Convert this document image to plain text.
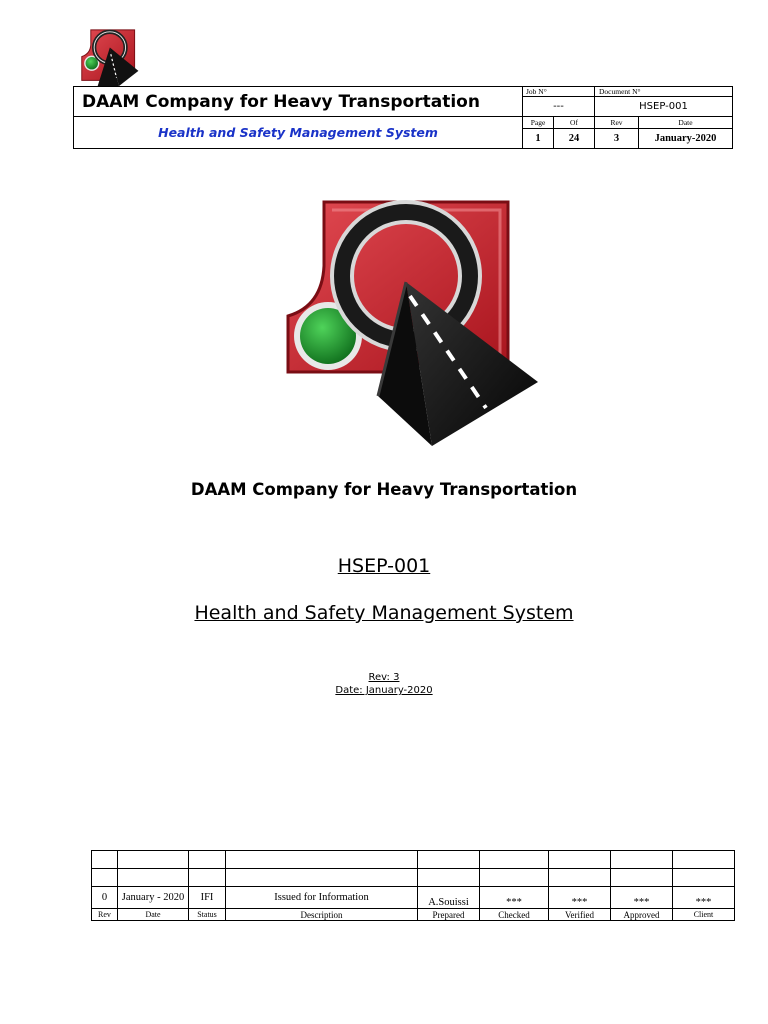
DAAM Company for Heavy Transportation	Job N°		Document N°	
	---		HSEP-001	
Health and Safety Management System	Page	Of	Rev	Date
	1	24	3	January-2020
DAAM Company for Heavy Transportation
HSEP-001
Health and Safety Management System
Rev: 3
Date: January-2020

0	January - 2020	IFI	Issued for Information	A.Souissi	***	***	***	***
Rev	Date	Status	Description	Prepared	Checked	Verified	Approved	Client
